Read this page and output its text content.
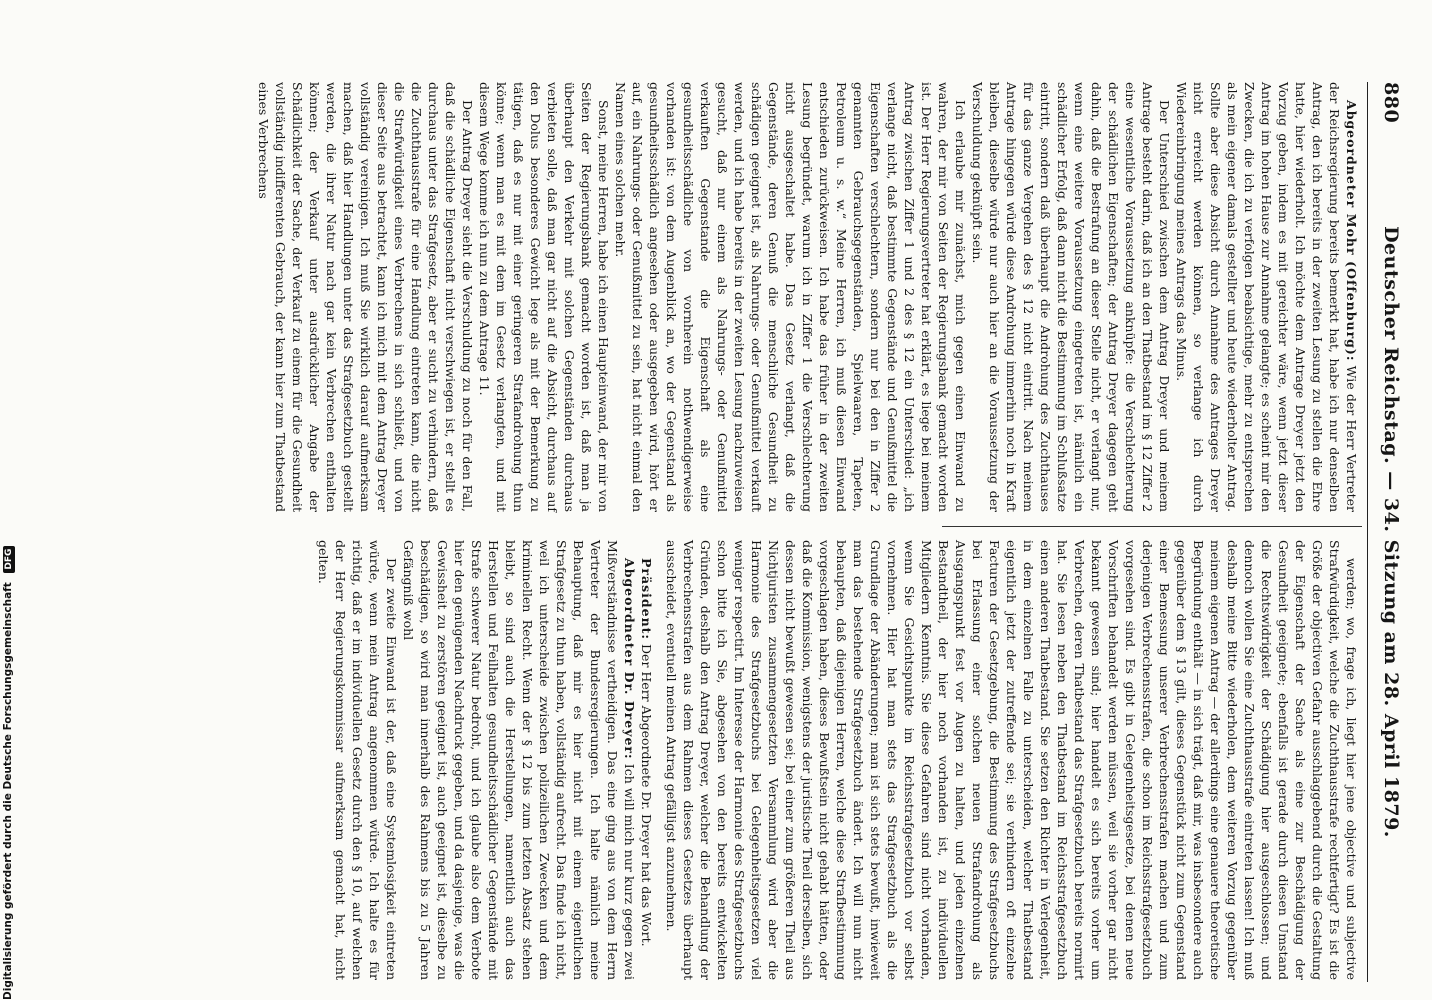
880
Deutscher Reichstag. — 34. Sitzung am 28. April 1879.

Abgeordneter Mohr (Offenburg): Wie der Herr Vertreter der Reichsregierung bereits bemerkt hat, habe ich nur denselben Antrag, den ich bereits in der zweiten Lesung zu stellen die Ehre hatte, hier wiederholt. Ich möchte dem Antrage Dreyer jetzt den Vorzug geben, indem es mit gereichter wäre, wenn jetzt dieser Antrag im hohen Hause zur Annahme gelangte; es scheint mir den Zwecken, die ich zu verfolgen beabsichtige, mehr zu entsprechen als mein eigener damals gestellter und heute wiederholter Antrag. Sollte aber diese Absicht durch Annahme des Antrages Dreyer nicht erreicht werden können, so verlange ich durch Wiedereinbringung meines Antrags das Minus.

Der Unterschied zwischen dem Antrag Dreyer und meinem Antrage besteht darin, daß ich an den Thatbestand im § 12 Ziffer 2 eine wesentliche Voraussetzung anknüpfe: die Verschlechterung der schädlichen Eigenschaften; der Antrag Dreyer dagegen geht dahin, daß die Bestrafung an dieser Stelle nicht, er verlangt nur, wenn eine weitere Voraussetzung eingetreten ist, nämlich ein schädlicher Erfolg, daß dann nicht die Bestimmung im Schlußsatze eintritt, sondern daß überhaupt die Androhung des Zuchthauses für das ganze Vergehen des § 12 nicht eintritt. Nach meinem Antrage hingegen würde diese Androhung immerhin noch in Kraft bleiben, dieselbe würde nur auch hier an die Voraussetzung der Verschuldung geknüpft sein.

Ich erlaube mir zunächst, mich gegen einen Einwand zu wahren, der mir von Seiten der Regierungsbank gemacht worden ist. Der Herr Regierungsvertreter hat erklärt, es liege bei meinem Antrag zwischen Ziffer 1 und 2 des § 12 ein Unterschied: „ich verlange nicht, daß bestimmte Gegenstände und Genußmittel die Eigenschaften verschlechtern, sondern nur bei den in Ziffer 2 genannten Gebrauchsgegenständen, Spielwaaren, Tapeten, Petroleum u. s. w.“ Meine Herren, ich muß diesen Einwand entschieden zurückweisen. Ich habe das früher in der zweiten Lesung begründet, warum ich in Ziffer 1 die Verschlechterung nicht ausgeschaltet habe. Das Gesetz verlangt, daß die Gegenstände, deren Genuß die menschliche Gesundheit zu schädigen geeignet ist, als Nahrungs- oder Genußmittel verkauft werden, und ich habe bereits in der zweiten Lesung nachzuweisen gesucht, daß nur einem als Nahrungs- oder Genußmittel verkauften Gegenstande die Eigenschaft als eine gesundheitsschädliche von vornherein nothwendigerweise vorhanden ist: von dem Augenblick an, wo der Gegenstand als gesundheitsschädlich angesehen oder ausgegeben wird, hört er auf, ein Nahrungs- oder Genußmittel zu sein, hat nicht einmal den Namen eines solchen mehr.

Sonst, meine Herren, habe ich einen Haupteinwand, der mir von Seiten der Regierungsbank gemacht worden ist, daß man ja überhaupt den Verkehr mit solchen Gegenständen durchaus verbieten solle, daß man gar nicht auf die Absicht, durchaus auf den Dolus besonderes Gewicht lege als mit der Bemerkung zu tätigen, daß es nur mit einer geringeren Strafandrohung thun könne; wenn man es mit dem im Gesetz verlangten, und mit diesem Wege komme ich nun zu dem Antrage 11.

Der Antrag Dreyer sieht die Verschuldung zu noch für den Fall, daß die schädliche Eigenschaft nicht verschwiegen ist, er stellt es durchaus unter das Strafgesetz, aber er sucht zu verhindern, daß die Zuchthausstrafe für eine Handlung eintreten kann, die nicht die Strafwürdigkeit eines Verbrechens in sich schließt, und von dieser Seite aus betrachtet, kann ich mich mit dem Antrag Dreyer vollständig vereinigen. Ich muß Sie wirklich darauf aufmerksam machen, daß hier Handlungen unter das Strafgesetzbuch gestellt werden, die ihrer Natur nach gar kein Verbrechen enthalten können; der Verkauf unter ausdrücklicher Angabe der Schädlichkeit der Sache, der Verkauf zu einem für die Gesundheit vollständig indifferenten Gebrauch, der kann hier zum Thatbestand eines Verbrechens

werden; wo, frage ich, liegt hier jene objective und subjective Strafwürdigkeit, welche die Zuchthausstrafe rechtfertigt? Es ist die Größe der objectiven Gefahr ausschlaggebend durch die Gestaltung der Eigenschaft der Sache als eine zur Beschädigung der Gesundheit geeignete; ebenfalls ist gerade durch diesen Umstand die Rechtswidrigkeit der Schädigung hier ausgeschlossen; und dennoch wollen Sie eine Zuchthausstrafe eintreten lassen! Ich muß deshalb meine Bitte wiederholen, dem weiteren Vorzug gegenüber meinem eigenen Antrag — der allerdings eine genauere theoretische Begründung enthält — in sich trägt, daß mir, was insbesondere auch gegenüber dem § 13 gilt, dieses Gegenstück nicht zum Gegenstand einer Bemessung unserer Verbrechensstrafen machen und zum derjenigen Verbrechensstrafen, die schon im Reichsstrafgesetzbuch vorgesehen sind. Es gibt in Gelegenheitsgesetze, bei denen neue Vorschriften behandelt werden müssen, weil sie vorher gar nicht bekannt gewesen sind; hier handelt es sich bereits vorher um Verbrechen, deren Thatbestand das Strafgesetzbuch bereits normirt hat. Sie lesen neben den Thatbestand im Reichsstrafgesetzbuch einen anderen Thatbestand. Sie setzen den Richter in Verlegenheit, in dem einzelnen Falle zu unterscheiden, welcher Thatbestand eigentlich jetzt der zutreffende sei; sie verhindern oft einzelne Facturen der Gesetzgebung, die Bestimmung des Strafgesetzbuchs bei Erlassung einer solchen neuen Strafandrohung als Ausgangspunkt fest vor Augen zu halten, und jeden einzelnen Bestandtheil, der hier noch vorhanden ist, zu individuellen Mitgliedern Kenntnis. Sie diese Gefahren sind nicht vorhanden, wenn Sie Gesichtspunkte im Reichsstrafgesetzbuch vor selbst vornehmen. Hier hat man stets das Strafgesetzbuch als die Grundlage der Abänderungen; man ist sich stets bewußt, inwieweit man das bestehende Strafgesetzbuch ändert. Ich will nun nicht behaupten, daß diejenigen Herren, welche diese Strafbestimmung vorgeschlagen haben, dieses Bewußtsein nicht gehabt hätten, oder daß die Kommission, wenigstens der juristische Theil derselben, sich dessen nicht bewußt gewesen sei; bei einer zum größeren Theil aus Nichtjuristen zusammengesetzten Versammlung wird aber die Harmonie des Strafgesetzbuchs bei Gelegenheitsgesetzen viel weniger respectirt. Im Interesse der Harmonie des Strafgesetzbuchs schon bitte ich Sie, abgesehen von den bereits entwickelten Gründen, deshalb den Antrag Dreyer, welcher die Behandlung der Verbrechensstrafen aus dem Rahmen dieses Gesetzes überhaupt ausscheidet, eventuell meinen Antrag gefälligst anzunehmen.

Präsident: Der Herr Abgeordnete Dr. Dreyer hat das Wort.

Abgeordneter Dr. Dreyer: Ich will mich nur kurz gegen zwei Mißverständnisse vertheidigen. Das eine ging aus von dem Herrn Vertreter der Bundesregierungen. Ich halte nämlich meine Behauptung, daß mir es hier nicht mit einem eigentlichen Strafgesetz zu thun haben, vollständig aufrecht. Das finde ich nicht, weil ich unterscheide zwischen polizeilichen Zwecken und dem kriminellen Recht. Wenn der § 12 bis zum letzten Absatz stehen bleibt, so sind auch die Herstellungen, namentlich auch das Herstellen und Feilhalten gesundheitsschädlicher Gegenstände mit Strafe schwerer Natur bedroht, und ich glaube also dem Verbote hier den genügenden Nachdruck gegeben, und da dasjenige, was die Gewissheit zu zerstören geeignet ist, auch geeignet ist, dieselbe zu beschädigen, so wird man innerhalb des Rahmens bis zu 5 Jahren Gefängniß wohl

Der zweite Einwand ist der, daß eine Systemlosigkeit eintreten würde, wenn mein Antrag angenommen würde. Ich halte es für richtig, daß er im individuellen Gesetz durch den § 10, auf welchen der Herr Regierungskommissar aufmerksam gemacht hat, nicht gelten.

Digitalisierung gefördert durch die Deutsche Forschungsgemeinschaft DFG
